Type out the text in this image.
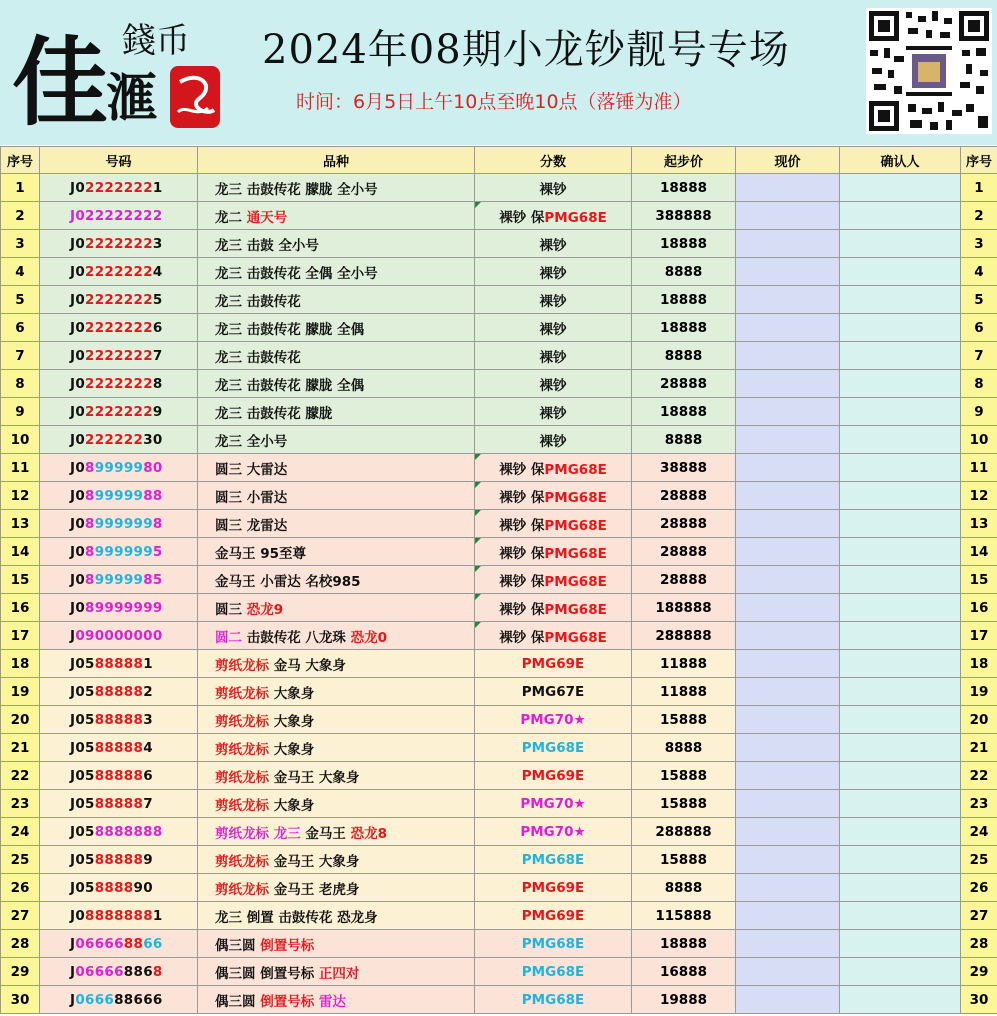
佳
滙
錢币 2024年08期小龙钞靓号专场
时间：6月5日上午10点至晚10点（落锤为准）
序号	号码	品种	分数	起步价	现价	确认人	序号
1	J022222221	龙三 击鼓传花 朦胧 全小号	裸钞	18888			1
2	J022222222	龙二 通天号	裸钞 保PMG68E	388888			2
3	J022222223	龙三 击鼓 全小号	裸钞	18888			3
4	J022222224	龙三 击鼓传花 全偶 全小号	裸钞	8888			4
5	J022222225	龙三 击鼓传花	裸钞	18888			5
6	J022222226	龙三 击鼓传花 朦胧 全偶	裸钞	18888			6
7	J022222227	龙三 击鼓传花	裸钞	8888			7
8	J022222228	龙三 击鼓传花 朦胧 全偶	裸钞	28888			8
9	J022222229	龙三 击鼓传花 朦胧	裸钞	18888			9
10	J022222230	龙三 全小号	裸钞	8888			10
11	J089999980	圆三 大雷达	裸钞 保PMG68E	38888			11
12	J089999988	圆三 小雷达	裸钞 保PMG68E	28888			12
13	J089999998	圆三 龙雷达	裸钞 保PMG68E	28888			13
14	J089999995	金马王 95至尊	裸钞 保PMG68E	28888			14
15	J089999985	金马王 小雷达 名校985	裸钞 保PMG68E	28888			15
16	J089999999	圆三 恐龙9	裸钞 保PMG68E	188888			16
17	J090000000	圆二 击鼓传花 八龙珠 恐龙0	裸钞 保PMG68E	288888			17
18	J05888881	剪纸龙标 金马 大象身	PMG69E	11888			18
19	J05888882	剪纸龙标 大象身	PMG67E	11888			19
20	J05888883	剪纸龙标 大象身	PMG70★	15888			20
21	J05888884	剪纸龙标 大象身	PMG68E	8888			21
22	J05888886	剪纸龙标 金马王 大象身	PMG69E	15888			22
23	J05888887	剪纸龙标 大象身	PMG70★	15888			23
24	J058888888	剪纸龙标 龙三 金马王 恐龙8	PMG70★	288888			24
25	J05888889	剪纸龙标 金马王 大象身	PMG68E	15888			25
26	J05888890	剪纸龙标 金马王 老虎身	PMG69E	8888			26
27	J088888881	龙三 倒置 击鼓传花 恐龙身	PMG69E	115888			27
28	J066668866	偶三圆 倒置号标	PMG68E	18888			28
29	J066668868	偶三圆 倒置号标 正四对	PMG68E	16888			29
30	J066688666	偶三圆 倒置号标 雷达	PMG68E	19888			30
